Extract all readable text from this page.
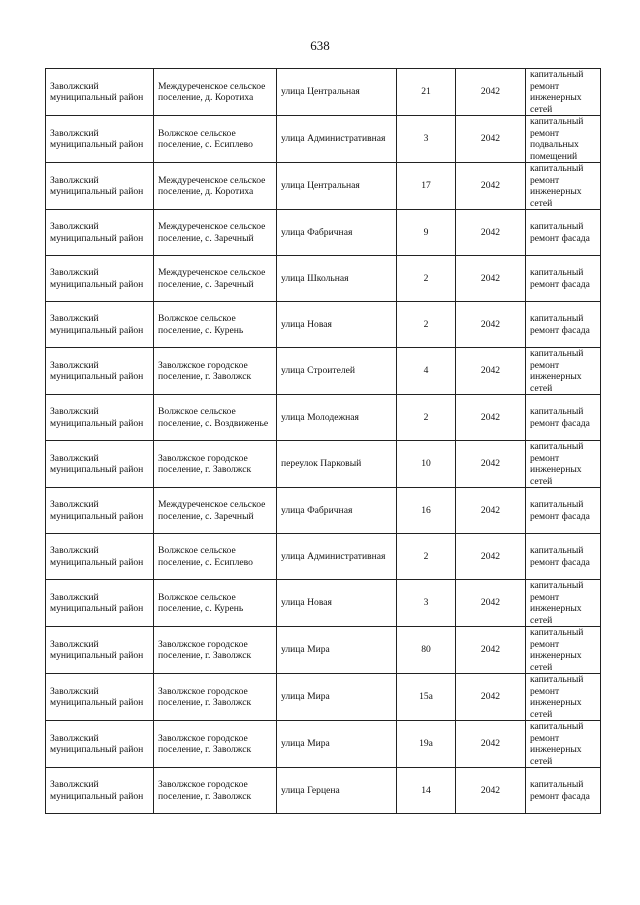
638
Заволжский муниципальный район	Междуреченское сельское поселение, д. Коротиха	улица Центральная	21	2042	капитальный ремонт инженерных сетей
Заволжский муниципальный район	Волжское сельское поселение, с. Есиплево	улица Административная	3	2042	капитальный ремонт подвальных помещений
Заволжский муниципальный район	Междуреченское сельское поселение, д. Коротиха	улица Центральная	17	2042	капитальный ремонт инженерных сетей
Заволжский муниципальный район	Междуреченское сельское поселение, с. Заречный	улица Фабричная	9	2042	капитальный ремонт фасада
Заволжский муниципальный район	Междуреченское сельское поселение, с. Заречный	улица Школьная	2	2042	капитальный ремонт фасада
Заволжский муниципальный район	Волжское сельское поселение, с. Курень	улица Новая	2	2042	капитальный ремонт фасада
Заволжский муниципальный район	Заволжское городское поселение, г. Заволжск	улица Строителей	4	2042	капитальный ремонт инженерных сетей
Заволжский муниципальный район	Волжское сельское поселение, с. Воздвиженье	улица Молодежная	2	2042	капитальный ремонт фасада
Заволжский муниципальный район	Заволжское городское поселение, г. Заволжск	переулок Парковый	10	2042	капитальный ремонт инженерных сетей
Заволжский муниципальный район	Междуреченское сельское поселение, с. Заречный	улица Фабричная	16	2042	капитальный ремонт фасада
Заволжский муниципальный район	Волжское сельское поселение, с. Есиплево	улица Административная	2	2042	капитальный ремонт фасада
Заволжский муниципальный район	Волжское сельское поселение, с. Курень	улица Новая	3	2042	капитальный ремонт инженерных сетей
Заволжский муниципальный район	Заволжское городское поселение, г. Заволжск	улица Мира	80	2042	капитальный ремонт инженерных сетей
Заволжский муниципальный район	Заволжское городское поселение, г. Заволжск	улица Мира	15а	2042	капитальный ремонт инженерных сетей
Заволжский муниципальный район	Заволжское городское поселение, г. Заволжск	улица Мира	19а	2042	капитальный ремонт инженерных сетей
Заволжский муниципальный район	Заволжское городское поселение, г. Заволжск	улица Герцена	14	2042	капитальный ремонт фасада
